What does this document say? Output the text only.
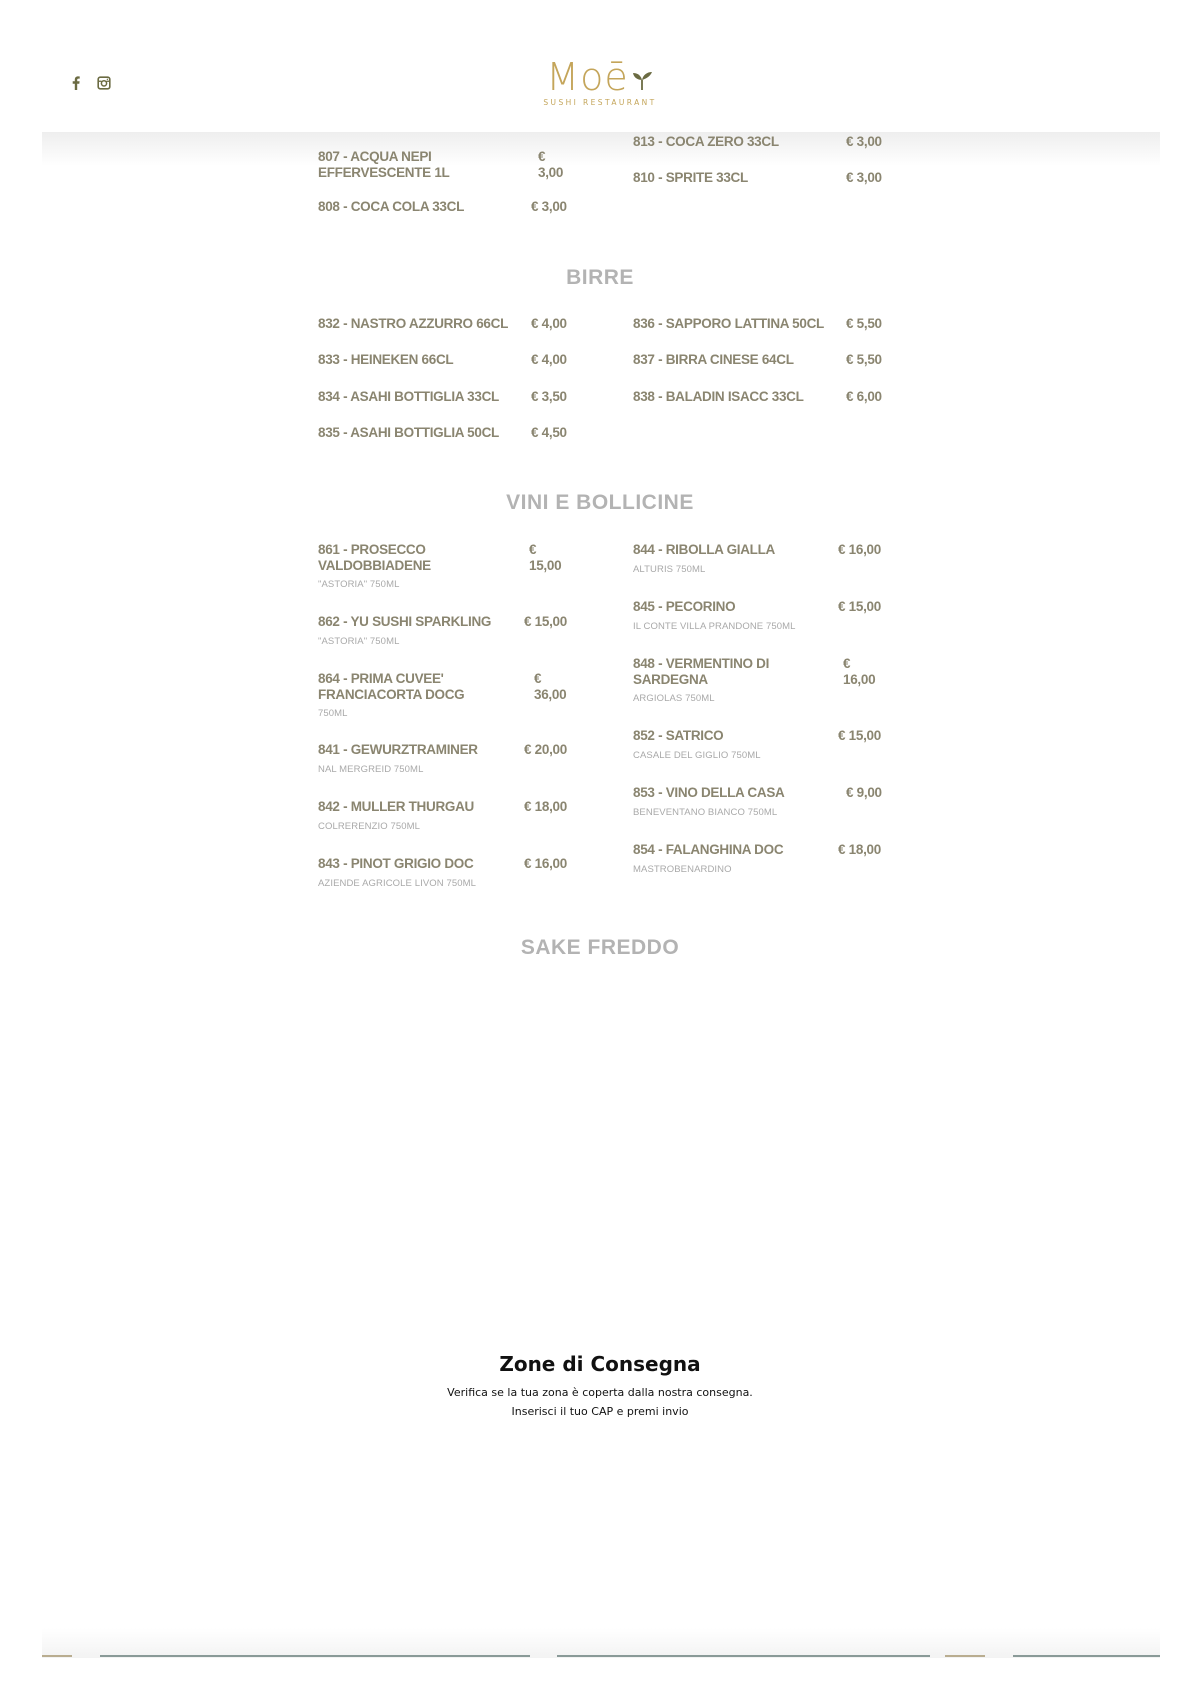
Moē
SUSHI RESTAURANT
807 - ACQUA NEPI EFFERVESCENTE 1L
€ 3,00
808 - COCA COLA 33CL	€ 3,00
813 - COCA ZERO 33CL	€ 3,00
810 - SPRITE 33CL	€ 3,00
BIRRE
832 - NASTRO AZZURRO 66CL € 4,00
833 - HEINEKEN 66CL	€ 4,00
834 - ASAHI BOTTIGLIA 33CL € 3,50
835 - ASAHI BOTTIGLIA 50CL € 4,50
836 - SAPPORO LATTINA 50CL € 5,50
837 - BIRRA CINESE 64CL	€ 5,50
838 - BALADIN ISACC 33CL	€ 6,00
VINI E BOLLICINE
861 - PROSECCO VALDOBBIADENE
€ 15,00
"ASTORIA" 750ML
862 - YU SUSHI SPARKLING € 15,00
"ASTORIA" 750ML
864 - PRIMA CUVEE' FRANCIACORTA DOCG
€ 36,00
750ML
841 - GEWURZTRAMINER	€ 20,00
NAL MERGREID 750ML
842 - MULLER THURGAU	€ 18,00
COLRERENZIO 750ML
843 - PINOT GRIGIO DOC	€ 16,00
AZIENDE AGRICOLE LIVON 750ML
844 - RIBOLLA GIALLA	€ 16,00
ALTURIS 750ML
845 - PECORINO	€ 15,00
IL CONTE VILLA PRANDONE 750ML
848 - VERMENTINO DI SARDEGNA
€ 16,00
ARGIOLAS 750ML
852 - SATRICO	€ 15,00
CASALE DEL GIGLIO 750ML
853 - VINO DELLA CASA	€ 9,00
BENEVENTANO BIANCO 750ML
854 - FALANGHINA DOC	€ 18,00
MASTROBENARDINO
SAKE FREDDO
Zone di Consegna
Verifica se la tua zona è coperta dalla nostra consegna.
Inserisci il tuo CAP e premi invio
